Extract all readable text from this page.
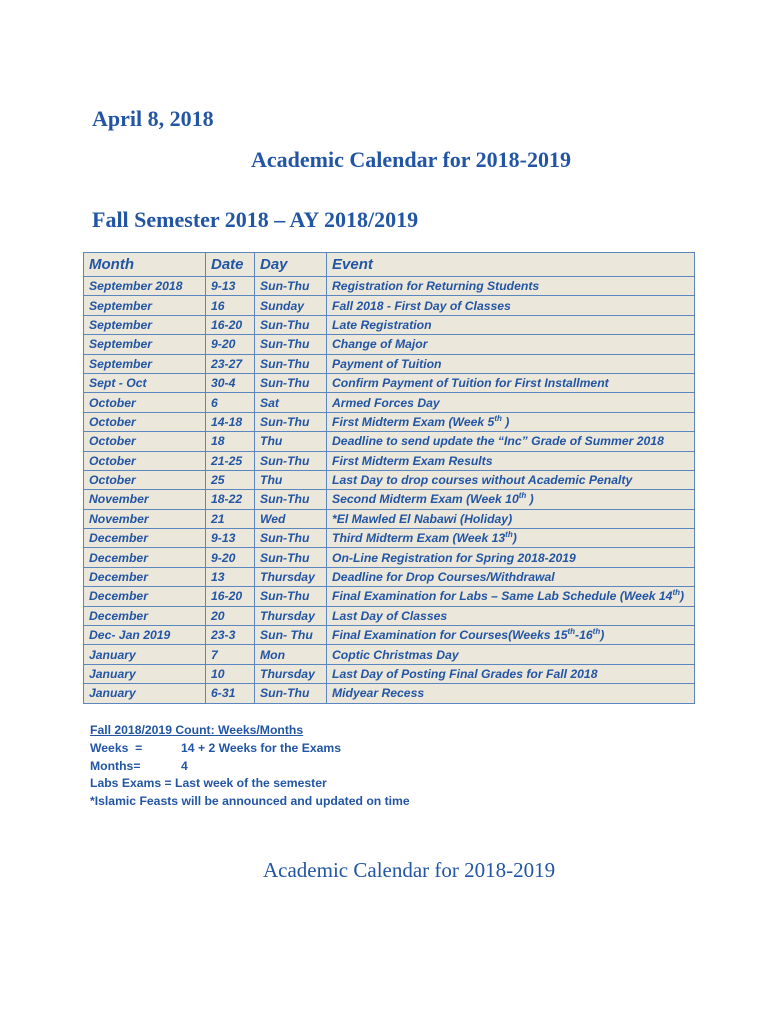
April 8, 2018
Academic Calendar for 2018-2019
Fall Semester 2018 – AY 2018/2019
Month	Date	Day	Event
September 2018	9-13	Sun-Thu	Registration for Returning Students
September	16	Sunday	Fall 2018 - First Day of Classes
September	16-20	Sun-Thu	Late Registration
September	9-20	Sun-Thu	Change of Major
September	23-27	Sun-Thu	Payment of Tuition
Sept - Oct	30-4	Sun-Thu	Confirm Payment of Tuition for First Installment
October	6	Sat	Armed Forces Day
October	14-18	Sun-Thu	First Midterm Exam (Week 5th )
October	18	Thu	Deadline to send update the “Inc” Grade of Summer 2018
October	21-25	Sun-Thu	First Midterm Exam Results
October	25	Thu	Last Day to drop courses without Academic Penalty
November	18-22	Sun-Thu	Second Midterm Exam (Week 10th )
November	21	Wed	*El Mawled El Nabawi (Holiday)
December	9-13	Sun-Thu	Third Midterm Exam (Week 13th)
December	9-20	Sun-Thu	On-Line Registration for Spring 2018-2019
December	13	Thursday	Deadline for Drop Courses/Withdrawal
December	16-20	Sun-Thu	Final Examination for Labs – Same Lab Schedule (Week 14th)
December	20	Thursday	Last Day of Classes
Dec- Jan 2019	23-3	Sun- Thu	Final Examination for Courses(Weeks 15th-16th)
January	7	Mon	Coptic Christmas Day
January	10	Thursday	Last Day of Posting Final Grades for Fall 2018
January	6-31	Sun-Thu	Midyear Recess
Fall 2018/2019 Count: Weeks/Months
Weeks  =	14 + 2 Weeks for the Exams
Months=	4
Labs Exams = Last week of the semester
*Islamic Feasts will be announced and updated on time
Academic Calendar for 2018-2019
